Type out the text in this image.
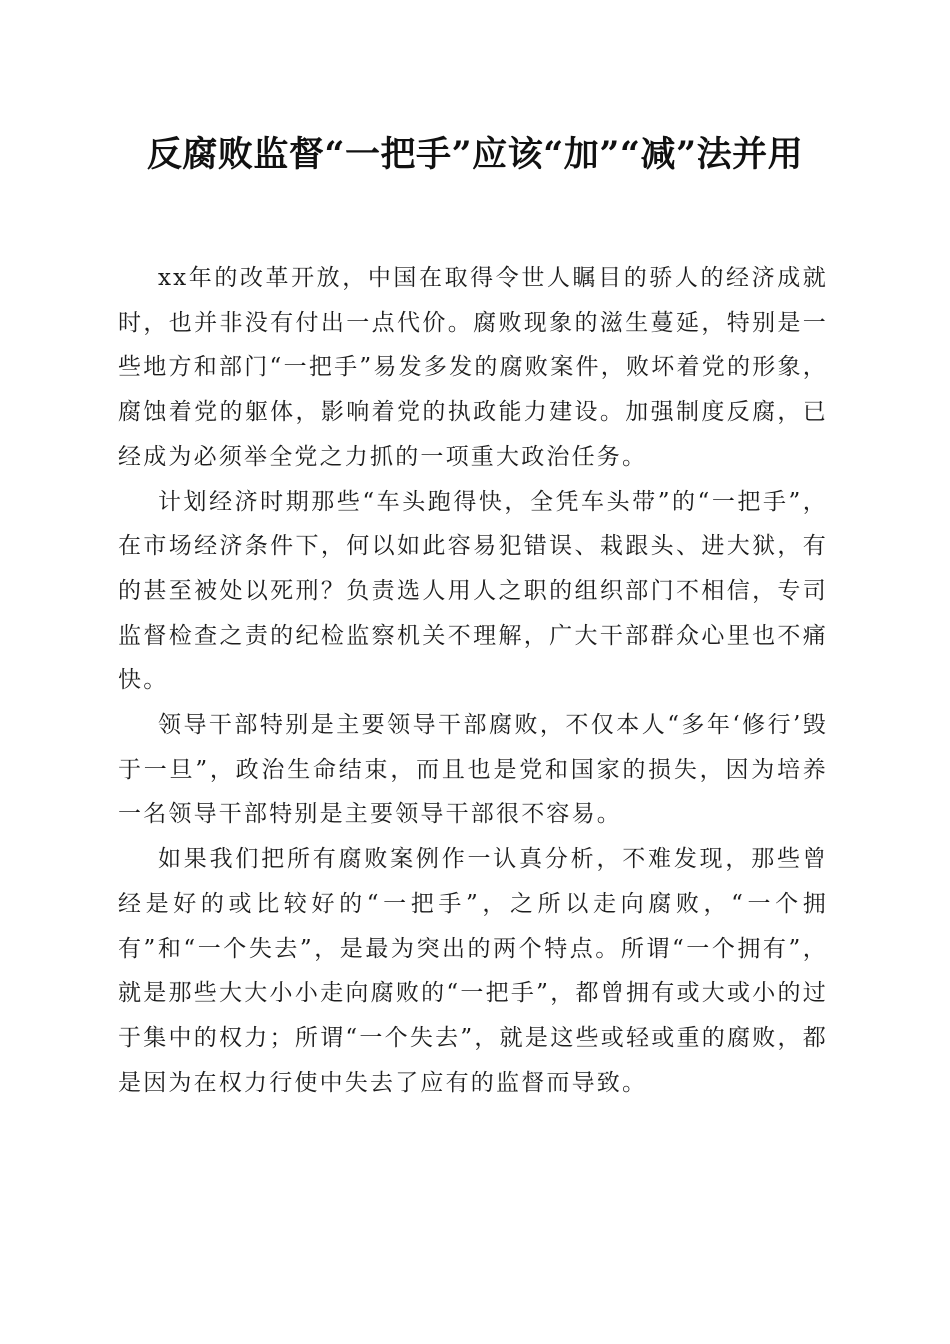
反腐败监督“一把手”应该“加”“减”法并用

xx年的改革开放，中国在取得令世人瞩目的骄人的经济成就时，也并非没有付出一点代价。腐败现象的滋生蔓延，特别是一些地方和部门“一把手”易发多发的腐败案件，败坏着党的形象，腐蚀着党的躯体，影响着党的执政能力建设。加强制度反腐，已经成为必须举全党之力抓的一项重大政治任务。

计划经济时期那些“车头跑得快，全凭车头带”的“一把手”，在市场经济条件下，何以如此容易犯错误、栽跟头、进大狱，有的甚至被处以死刑？负责选人用人之职的组织部门不相信，专司监督检查之责的纪检监察机关不理解，广大干部群众心里也不痛快。

领导干部特别是主要领导干部腐败，不仅本人“多年‘修行’毁于一旦”，政治生命结束，而且也是党和国家的损失，因为培养一名领导干部特别是主要领导干部很不容易。

如果我们把所有腐败案例作一认真分析，不难发现，那些曾经是好的或比较好的“一把手”，之所以走向腐败，“一个拥有”和“一个失去”，是最为突出的两个特点。所谓“一个拥有”，就是那些大大小小走向腐败的“一把手”，都曾拥有或大或小的过于集中的权力；所谓“一个失去”，就是这些或轻或重的腐败，都是因为在权力行使中失去了应有的监督而导致。
